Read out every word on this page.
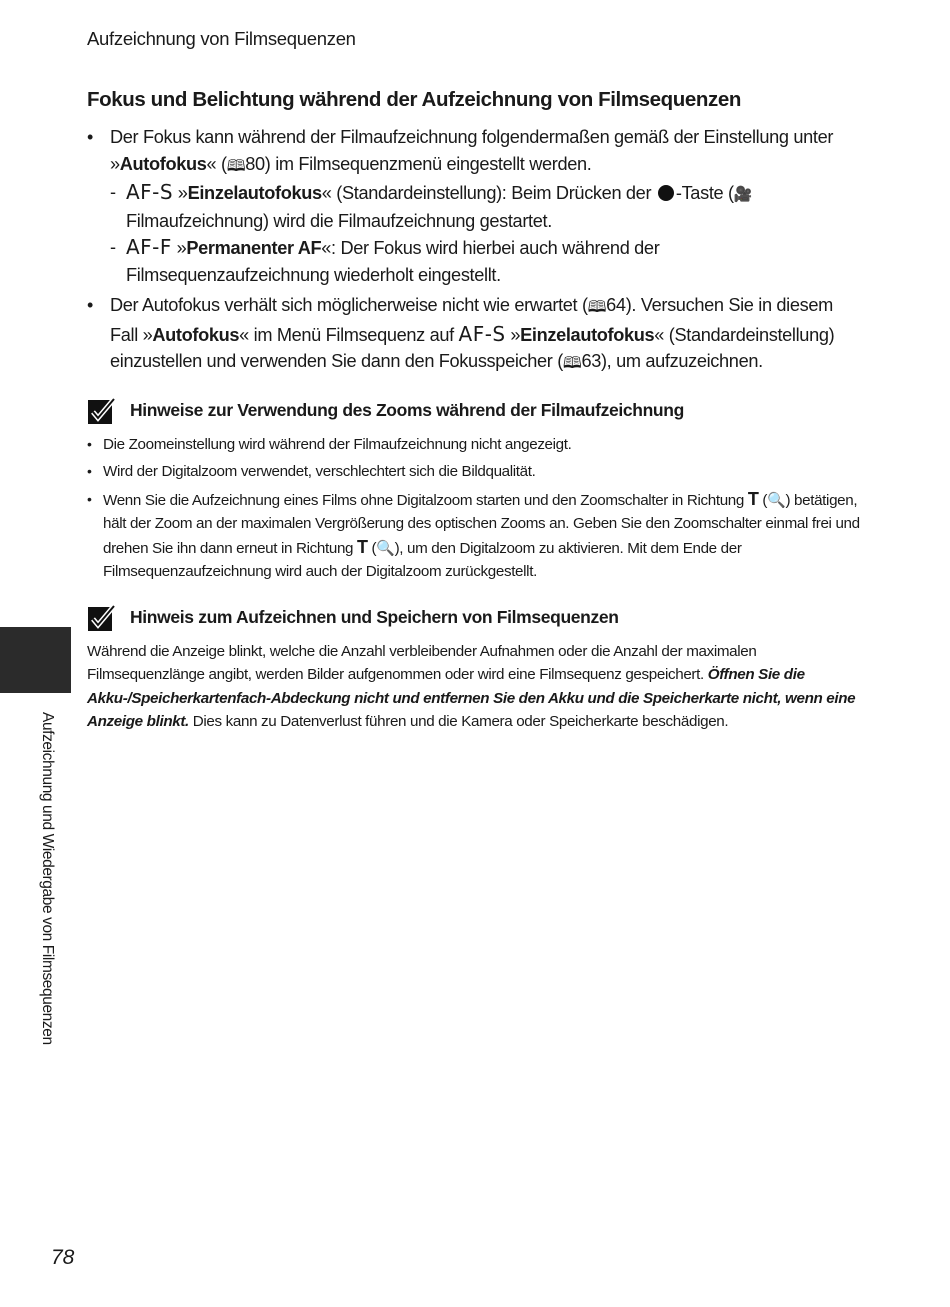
Aufzeichnung von Filmsequenzen
Fokus und Belichtung während der Aufzeichnung von Filmsequenzen
• Der Fokus kann während der Filmaufzeichnung folgendermaßen gemäß der Einstellung unter »Autofokus« (🕮80) im Filmsequenzmenü eingestellt werden.
- AF-S »Einzelautofokus« (Standardeinstellung): Beim Drücken der -Taste (🎥 Filmaufzeichnung) wird die Filmaufzeichnung gestartet.
- AF-F »Permanenter AF«: Der Fokus wird hierbei auch während der Filmsequenzaufzeichnung wiederholt eingestellt.
• Der Autofokus verhält sich möglicherweise nicht wie erwartet (🕮64). Versuchen Sie in diesem Fall »Autofokus« im Menü Filmsequenz auf AF-S »Einzelautofokus« (Standardeinstellung) einzustellen und verwenden Sie dann den Fokusspeicher (🕮63), um aufzuzeichnen.
Hinweise zur Verwendung des Zooms während der Filmaufzeichnung
• Die Zoomeinstellung wird während der Filmaufzeichnung nicht angezeigt.
• Wird der Digitalzoom verwendet, verschlechtert sich die Bildqualität.
• Wenn Sie die Aufzeichnung eines Films ohne Digitalzoom starten und den Zoomschalter in Richtung T (🔍) betätigen, hält der Zoom an der maximalen Vergrößerung des optischen Zooms an. Geben Sie den Zoomschalter einmal frei und drehen Sie ihn dann erneut in Richtung T (🔍), um den Digitalzoom zu aktivieren. Mit dem Ende der Filmsequenzaufzeichnung wird auch der Digitalzoom zurückgestellt.
Hinweis zum Aufzeichnen und Speichern von Filmsequenzen

Während die Anzeige blinkt, welche die Anzahl verbleibender Aufnahmen oder die Anzahl der maximalen Filmsequenzlänge angibt, werden Bilder aufgenommen oder wird eine Filmsequenz gespeichert. Öffnen Sie die Akku-/Speicherkartenfach-Abdeckung nicht und entfernen Sie den Akku und die Speicherkarte nicht, wenn eine Anzeige blinkt. Dies kann zu Datenverlust führen und die Kamera oder Speicherkarte beschädigen.

Aufzeichnung und Wiedergabe von Filmsequenzen
78
